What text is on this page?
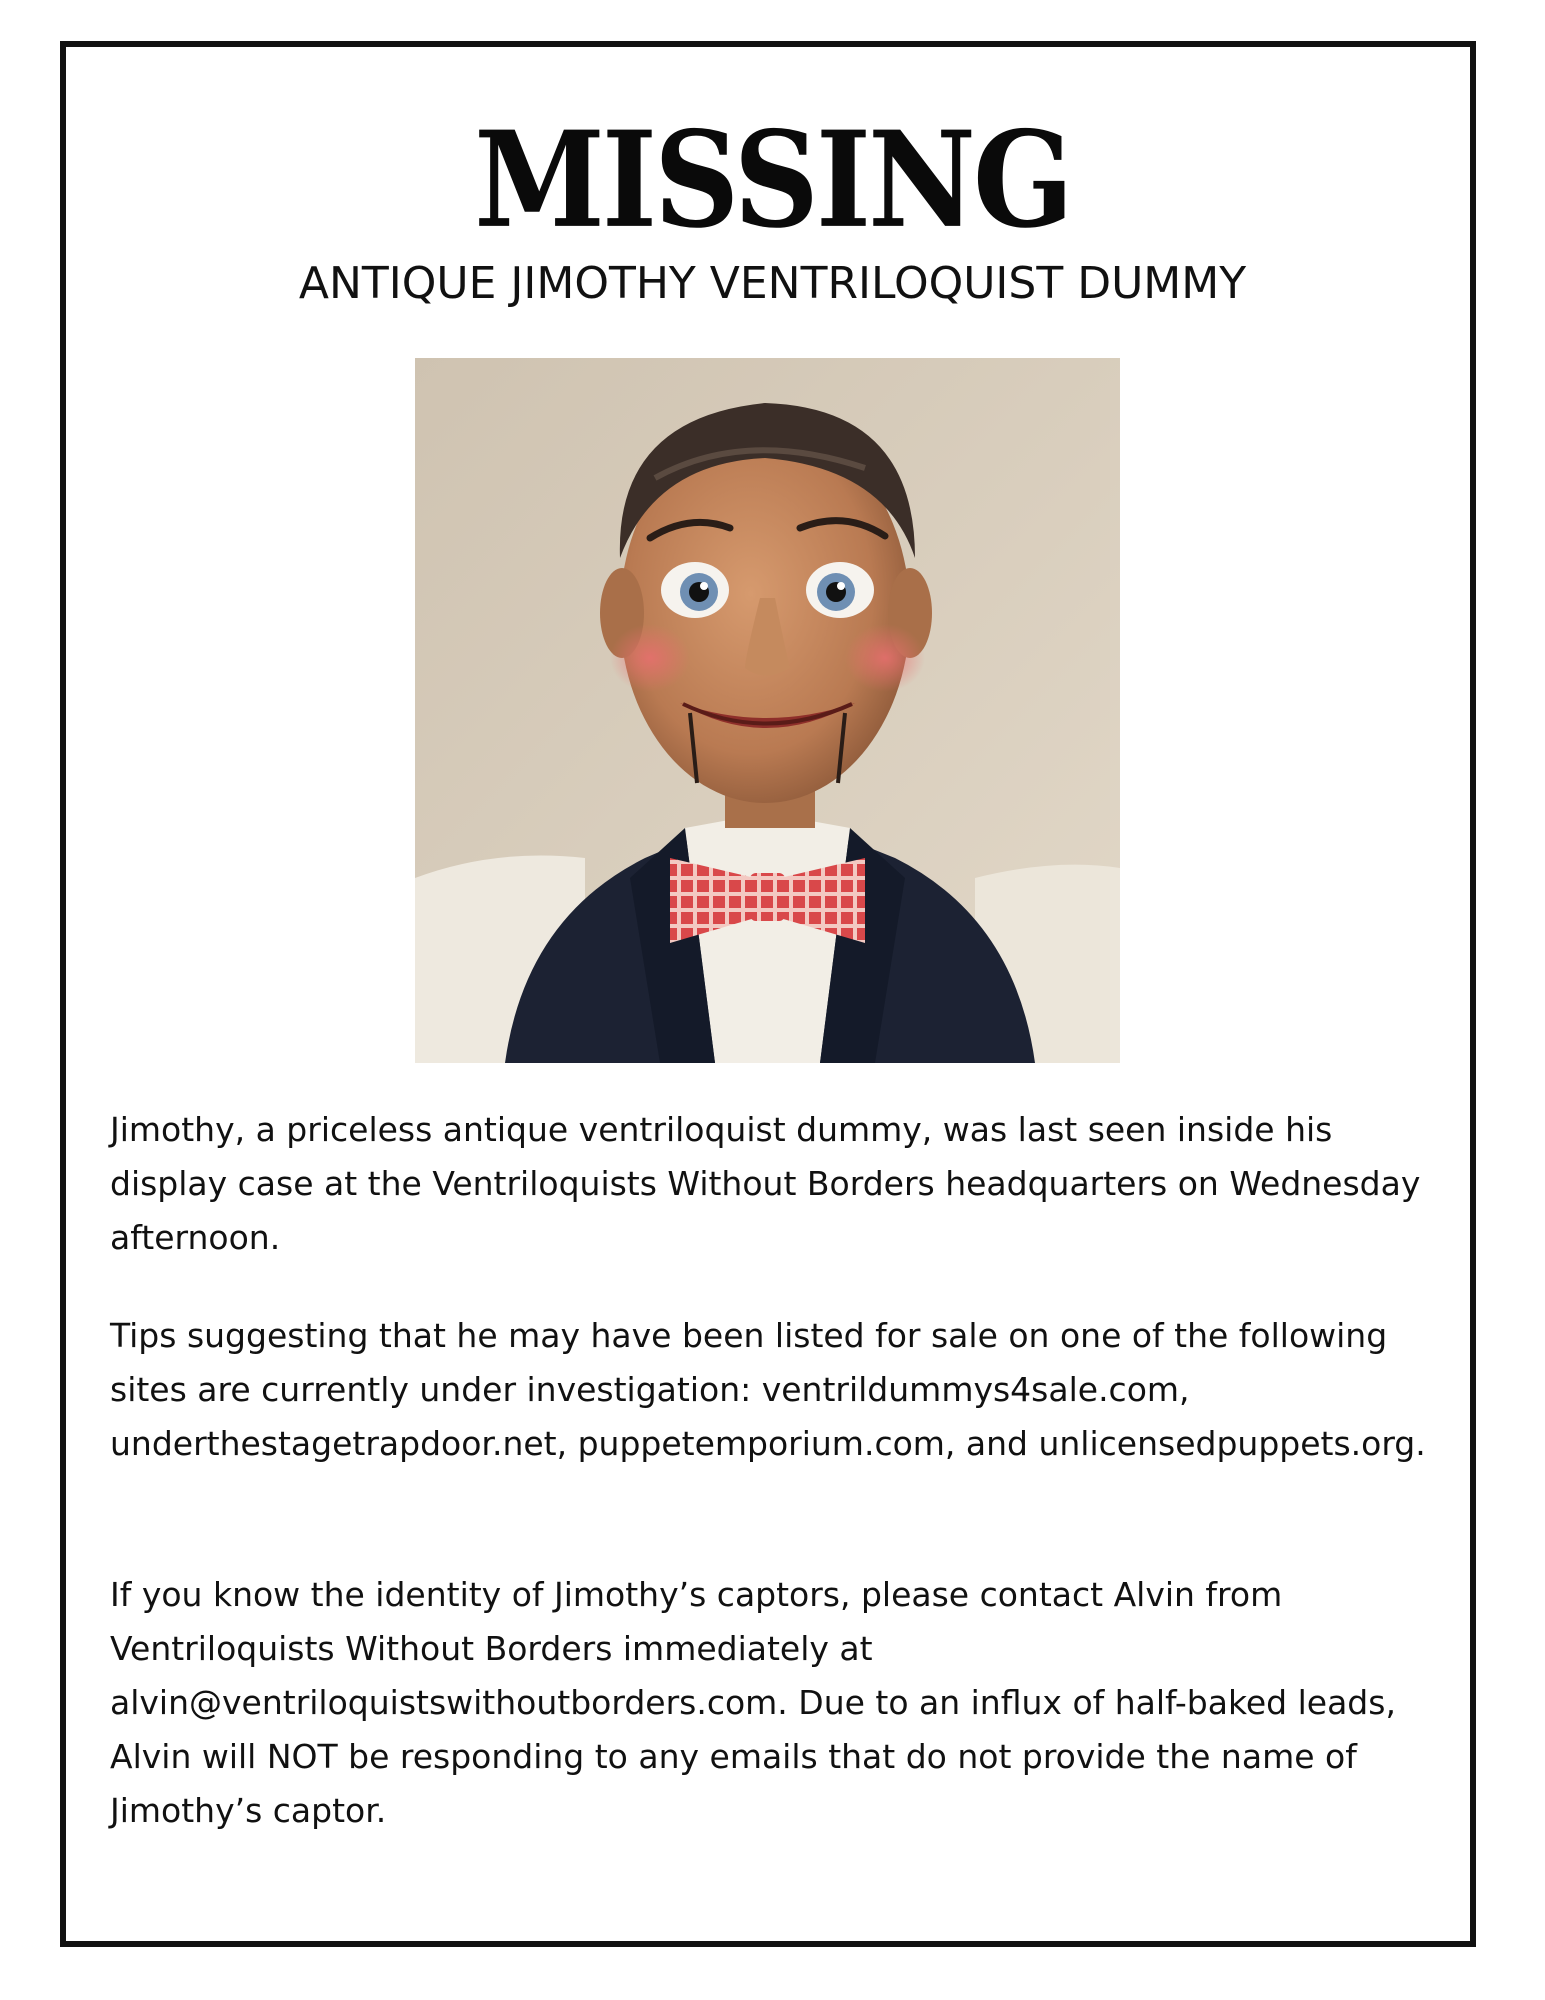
MISSING
ANTIQUE JIMOTHY VENTRILOQUIST DUMMY

Jimothy, a priceless antique ventriloquist dummy, was last seen inside his display case at the Ventriloquists Without Borders headquarters on Wednesday afternoon.

Tips suggesting that he may have been listed for sale on one of the following sites are currently under investigation: ventrildummys4sale.com, underthestagetrapdoor.net, puppetemporium.com, and unlicensedpuppets.org.

If you know the identity of Jimothy’s captors, please contact Alvin from Ventriloquists Without Borders immediately at alvin@ventriloquistswithoutborders.com. Due to an influx of half-baked leads, Alvin will NOT be responding to any emails that do not provide the name of Jimothy’s captor.
